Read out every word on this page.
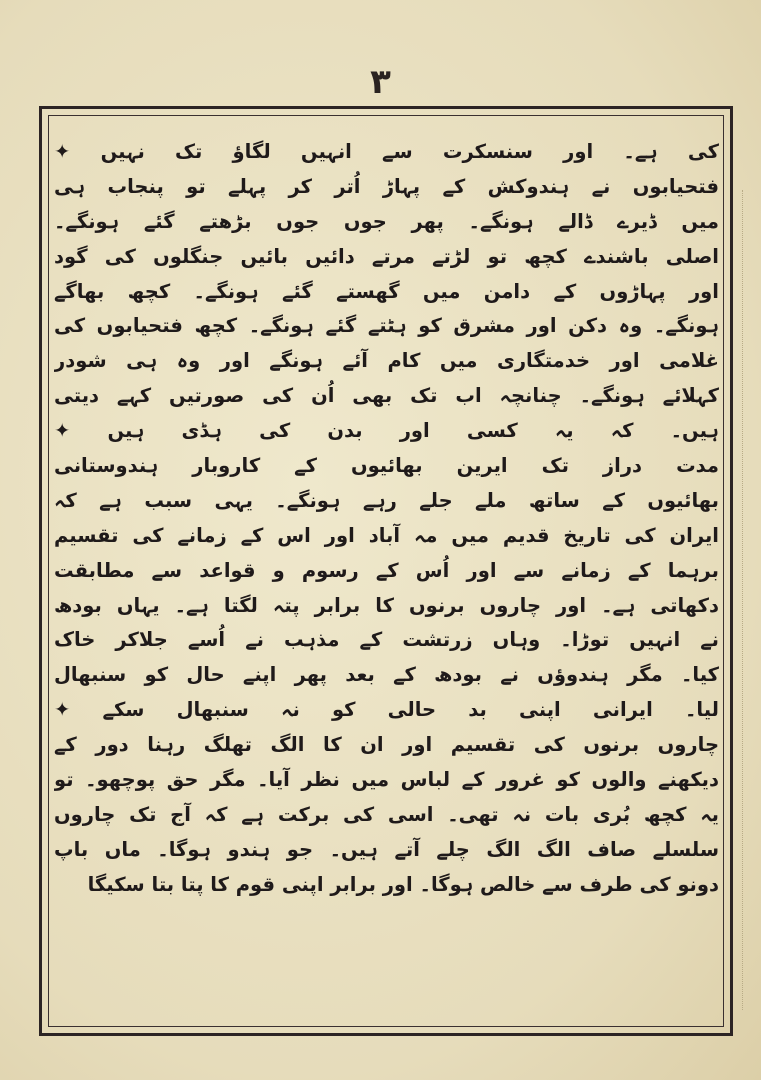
۳
کی ہے۔ اور سنسکرت سے انہیں لگاؤ تک نہیں ✦
فتحیابوں نے ہندوکش کے پہاڑ اُتر کر پہلے تو پنجاب ہی
میں ڈیرے ڈالے ہونگے۔ پھر جوں جوں بڑھتے گئے ہونگے۔
اصلی باشندے کچھ تو لڑتے مرتے دائیں بائیں جنگلوں کی گود
اور پہاڑوں کے دامن میں گھستے گئے ہونگے۔ کچھ بھاگے
ہونگے۔ وہ دکن اور مشرق کو ہٹتے گئے ہونگے۔ کچھ فتحیابوں کی
غلامی اور خدمتگاری میں کام آئے ہونگے اور وہ ہی شودر
کہلائے ہونگے۔ چنانچہ اب تک بھی اُن کی صورتیں کہے دیتی
ہیں۔ کہ یہ کسی اور بدن کی ہڈی ہیں ✦
مدت دراز تک ایرین بھائیوں کے کاروبار ہندوستانی
بھائیوں کے ساتھ ملے جلے رہے ہونگے۔ یہی سبب ہے کہ
ایران کی تاریخ قدیم میں مہ آباد اور اس کے زمانے کی تقسیم
برہما کے زمانے سے اور اُس کے رسوم و قواعد سے مطابقت
دکھاتی ہے۔ اور چاروں برنوں کا برابر پتہ لگتا ہے۔ یہاں بودھ
نے انہیں توڑا۔ وہاں زرتشت کے مذہب نے اُسے جلاکر خاک
کیا۔ مگر ہندوؤں نے بودھ کے بعد پھر اپنے حال کو سنبھال
لیا۔ ایرانی اپنی بد حالی کو نہ سنبھال سکے ✦
چاروں برنوں کی تقسیم اور ان کا الگ تھلگ رہنا دور کے
دیکھنے والوں کو غرور کے لباس میں نظر آیا۔ مگر حق پوچھو۔ تو
یہ کچھ بُری بات نہ تھی۔ اسی کی برکت ہے کہ آج تک چاروں
سلسلے صاف الگ الگ چلے آتے ہیں۔ جو ہندو ہوگا۔ ماں باپ
دونو کی طرف سے خالص ہوگا۔ اور برابر اپنی قوم کا پتا بتا سکیگا
